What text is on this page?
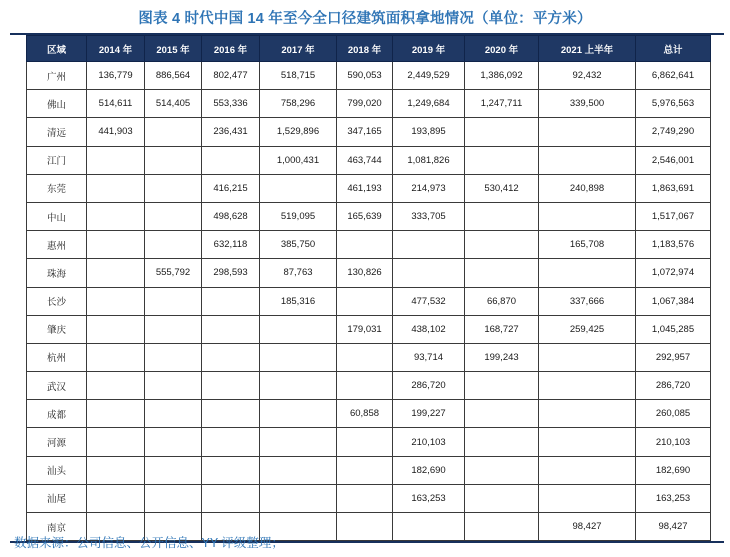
图表 4 时代中国 14 年至今全口径建筑面积拿地情况（单位：平方米）
区域	2014 年	2015 年	2016 年	2017 年	2018 年	2019 年	2020 年	2021 上半年	总计
广州	136,779	886,564	802,477	518,715	590,053	2,449,529	1,386,092	92,432	6,862,641
佛山	514,611	514,405	553,336	758,296	799,020	1,249,684	1,247,711	339,500	5,976,563
清远	441,903		236,431	1,529,896	347,165	193,895			2,749,290
江门				1,000,431	463,744	1,081,826			2,546,001
东莞			416,215		461,193	214,973	530,412	240,898	1,863,691
中山			498,628	519,095	165,639	333,705			1,517,067
惠州			632,118	385,750				165,708	1,183,576
珠海		555,792	298,593	87,763	130,826				1,072,974
长沙				185,316		477,532	66,870	337,666	1,067,384
肇庆					179,031	438,102	168,727	259,425	1,045,285
杭州						93,714	199,243		292,957
武汉						286,720			286,720
成都					60,858	199,227			260,085
河源						210,103			210,103
汕头						182,690			182,690
汕尾						163,253			163,253
南京								98,427	98,427
数据来源：公司信息、公开信息、YY 评级整理；
